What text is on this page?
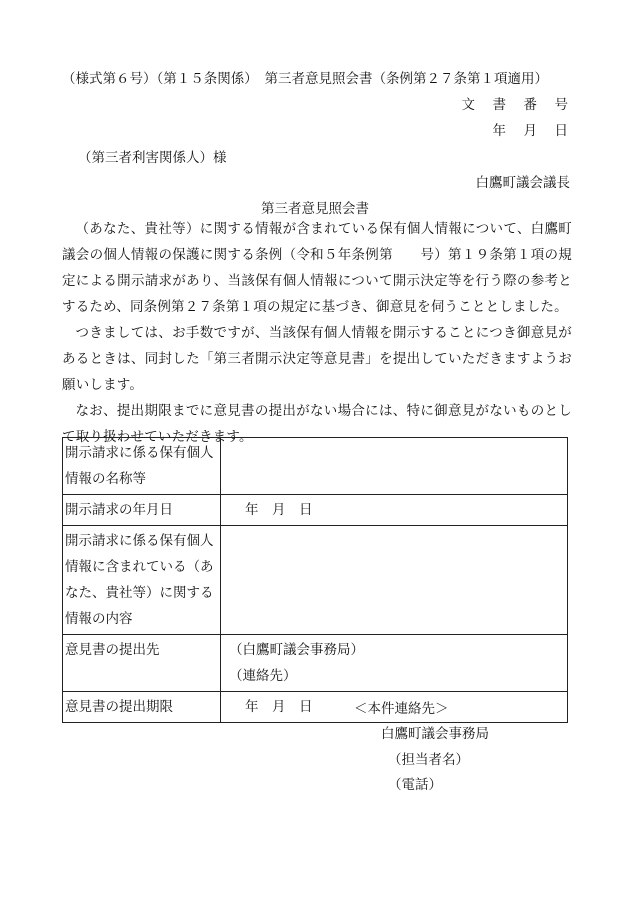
（様式第６号）（第１５条関係）　第三者意見照会書（条例第２７条第１項適用）
文　書　番　号
年　月　日
（第三者利害関係人）様
白鷹町議会議長
第三者意見照会書
（あなた、貴社等）に関する情報が含まれている保有個人情報について、白鷹町議会の個人情報の保護に関する条例（令和５年条例第　　号）第１９条第１項の規定による開示請求があり、当該保有個人情報について開示決定等を行う際の参考とするため、同条例第２７条第１項の規定に基づき、御意見を伺うこととしました。
つきましては、お手数ですが、当該保有個人情報を開示することにつき御意見があるときは、同封した「第三者開示決定等意見書」を提出していただきますようお願いします。
なお、提出期限までに意見書の提出がない場合には、特に御意見がないものとして取り扱わせていただきます。
開示請求に係る保有個人情報の名称等	
開示請求の年月日	年　月　日
開示請求に係る保有個人情報に含まれている（あなた、貴社等）に関する情報の内容	
意見書の提出先	（白鷹町議会事務局）
（連絡先）

意見書の提出期限	年　月　日	＜本件連絡先＞
白鷹町議会事務局
（担当者名）
（電話）
